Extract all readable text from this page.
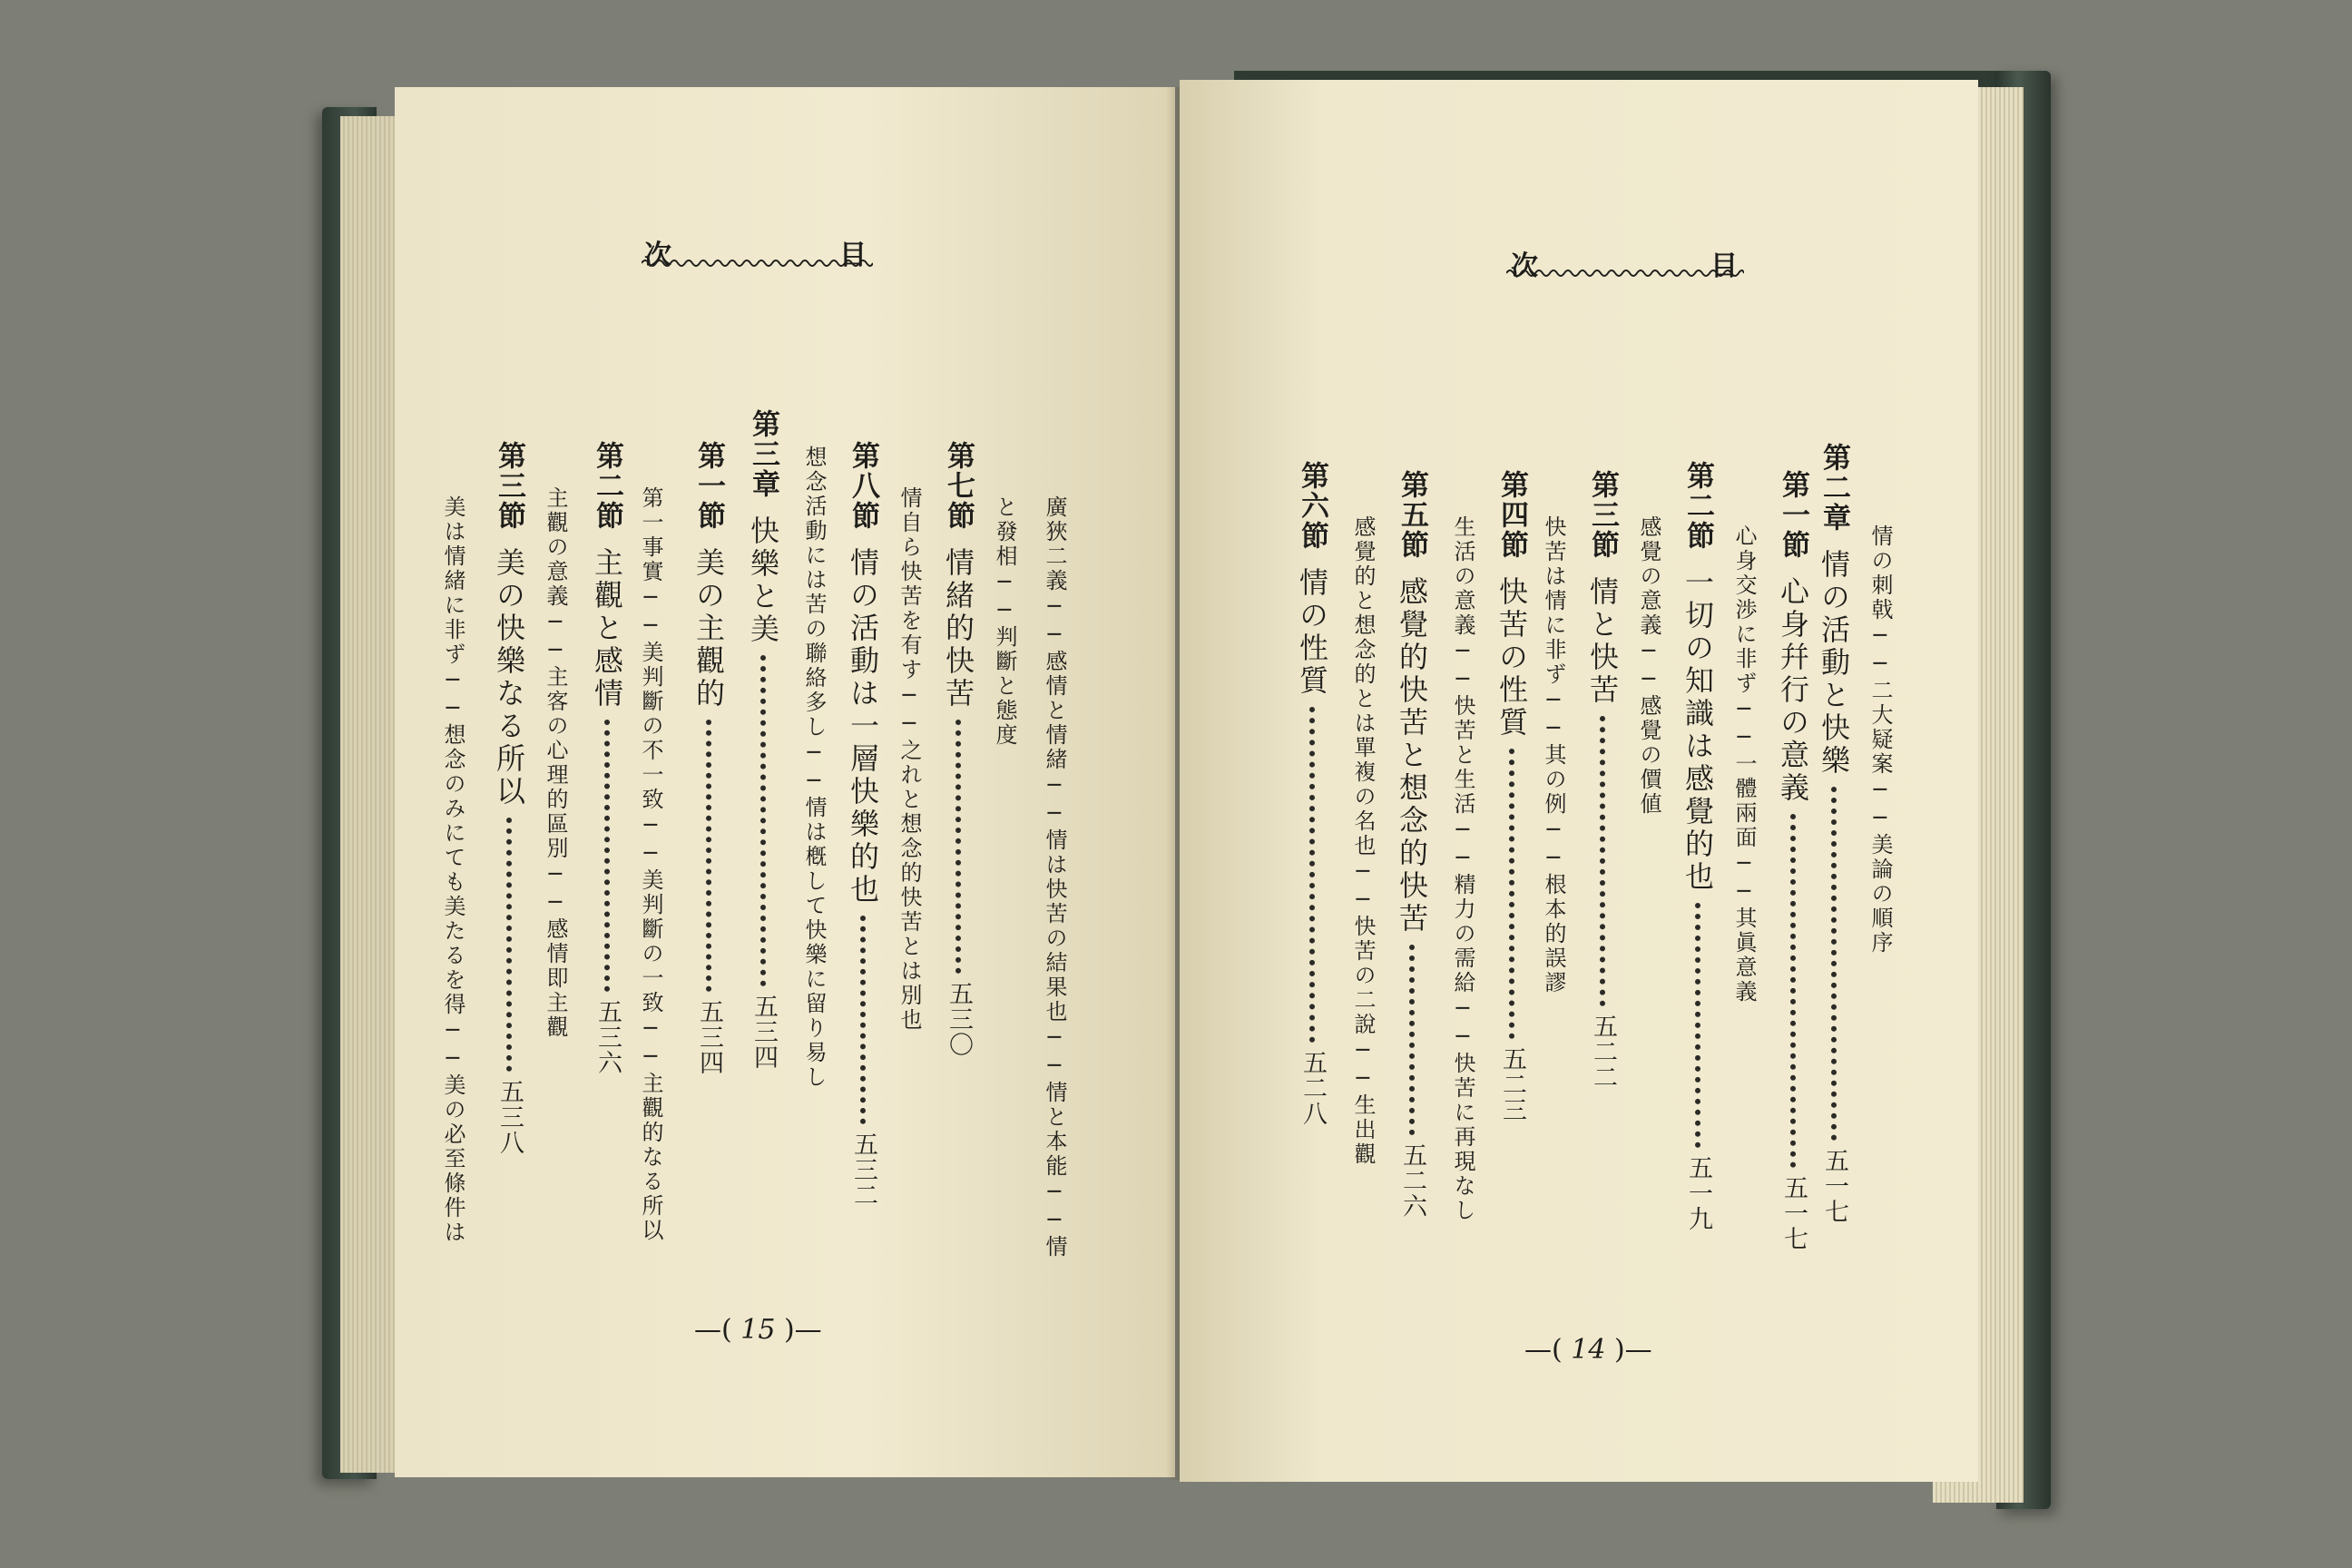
次	目
廣狹二義──感情と情緒──情は快苦の結果也──情と本能──情
と發相──判斷と態度
第七節情緒的快苦五三〇
情自ら快苦を有す──之れと想念的快苦とは別也
第八節情の活動は一層快樂的也五三二
想念活動には苦の聯絡多し──情は槪して快樂に留り易し
第三章快樂と美五三四
第一節美の主觀的五三四
第一事實──美判斷の不一致──美判斷の一致──主觀的なる所以
第二節主觀と感情五三六
主觀の意義──主客の心理的區別──感情即主觀
第三節美の快樂なる所以五三八
美は情緒に非ず──想念のみにても美たるを得──美の必至條件は
—( 15 )—
次	目
情の刺戟──二大疑案──美論の順序
第二章情の活動と快樂五一七
第一節心身幷行の意義五一七
心身交渉に非ず──一體兩面──其眞意義
第二節一切の知識は感覺的也五一九
感覺の意義──感覺の價値
第三節情と快苦五二二
快苦は情に非ず──其の例──根本的誤謬
第四節快苦の性質五二三
生活の意義──快苦と生活──精力の需給──快苦に再現なし
第五節感覺的快苦と想念的快苦五二六
感覺的と想念的とは單複の名也──快苦の二說──生出觀
第六節情の性質五二八
—( 14 )—
